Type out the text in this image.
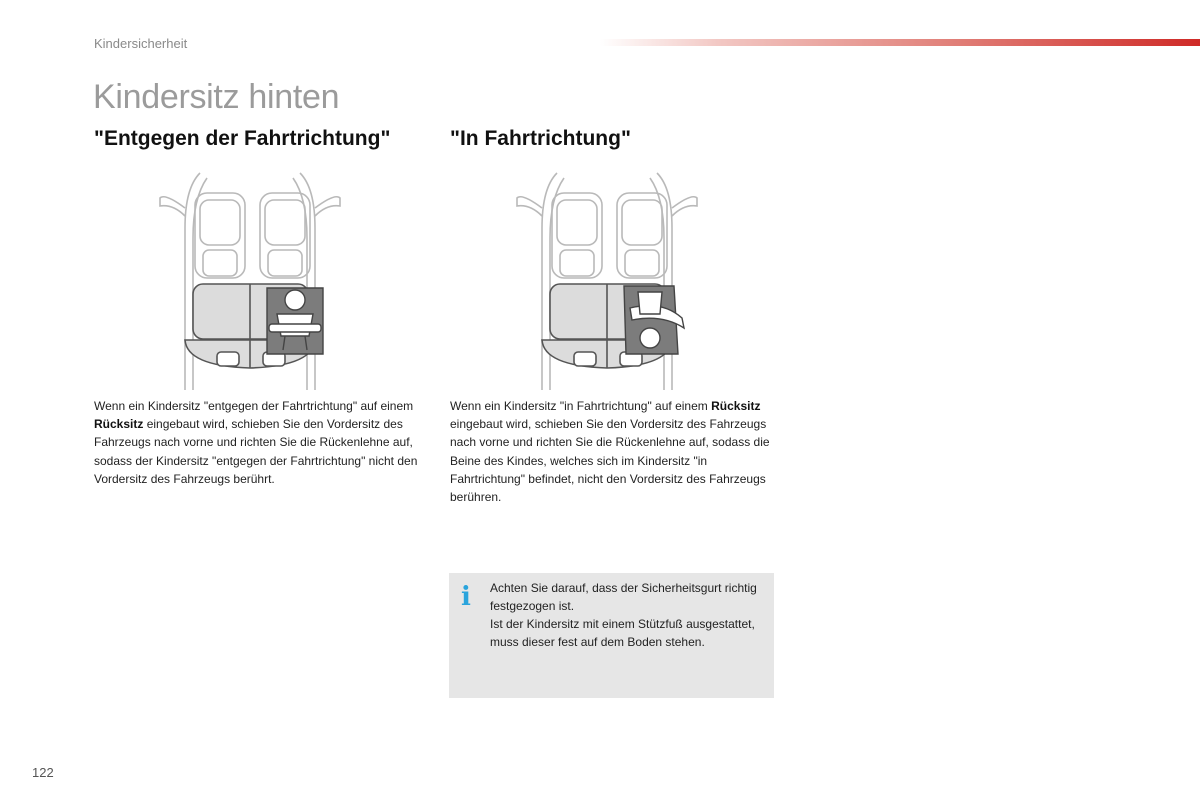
Kindersicherheit
Kindersitz hinten
"Entgegen der Fahrtrichtung"	"In Fahrtrichtung"
Wenn ein Kindersitz "entgegen der Fahrtrichtung" auf einem Rücksitz eingebaut wird, schieben Sie den Vordersitz des Fahrzeugs nach vorne und richten Sie die Rückenlehne auf, sodass der Kindersitz "entgegen der Fahrtrichtung" nicht den Vordersitz des Fahrzeugs berührt.
Wenn ein Kindersitz "in Fahrtrichtung" auf einem Rücksitz eingebaut wird, schieben Sie den Vordersitz des Fahrzeugs nach vorne und richten Sie die Rückenlehne auf, sodass die Beine des Kindes, welches sich im Kindersitz "in Fahrtrichtung" befindet, nicht den Vordersitz des Fahrzeugs berühren.
i Achten Sie darauf, dass der Sicherheitsgurt richtig festgezogen ist.
Ist der Kindersitz mit einem Stützfuß ausgestattet, muss dieser fest auf dem Boden stehen.
122
